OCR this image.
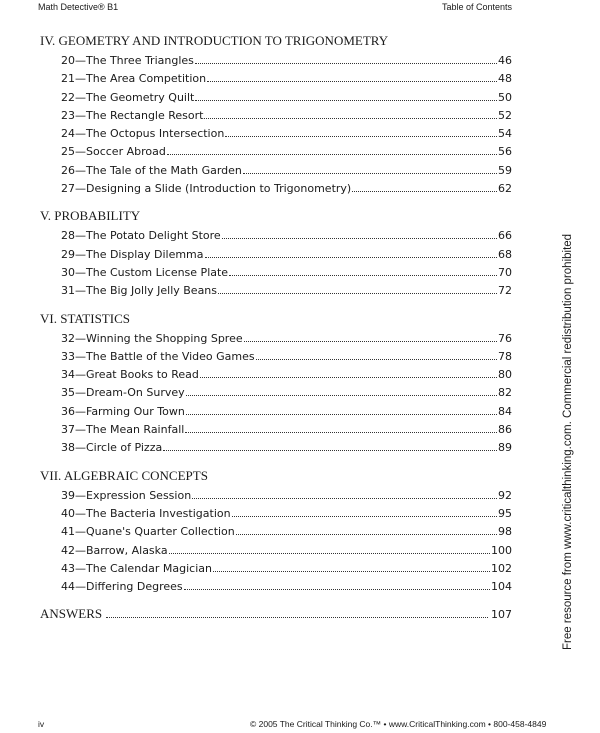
Math Detective® B1	Table of Contents
IV. GEOMETRY AND INTRODUCTION TO TRIGONOMETRY
20—The Three Triangles	46
21—The Area Competition	48
22—The Geometry Quilt	50
23—The Rectangle Resort	52
24—The Octopus Intersection	54
25—Soccer Abroad	56
26—The Tale of the Math Garden	59
27—Designing a Slide (Introduction to Trigonometry)	62
V. PROBABILITY
28—The Potato Delight Store	66
29—The Display Dilemma	68
30—The Custom License Plate	70
31—The Big Jolly Jelly Beans	72
VI. STATISTICS
32—Winning the Shopping Spree	76
33—The Battle of the Video Games	78
34—Great Books to Read	80
35—Dream-On Survey	82
36—Farming Our Town	84
37—The Mean Rainfall	86
38—Circle of Pizza	89
VII. ALGEBRAIC CONCEPTS
39—Expression Session	92
40—The Bacteria Investigation	95
41—Quane's Quarter Collection	98
42—Barrow, Alaska	100
43—The Calendar Magician	102
44—Differing Degrees	104
ANSWERS	107	Free resource from www.criticalthinking.com. Commercial redistribution prohibited
iv	© 2005 The Critical Thinking Co.™ • www.CriticalThinking.com • 800-458-4849
